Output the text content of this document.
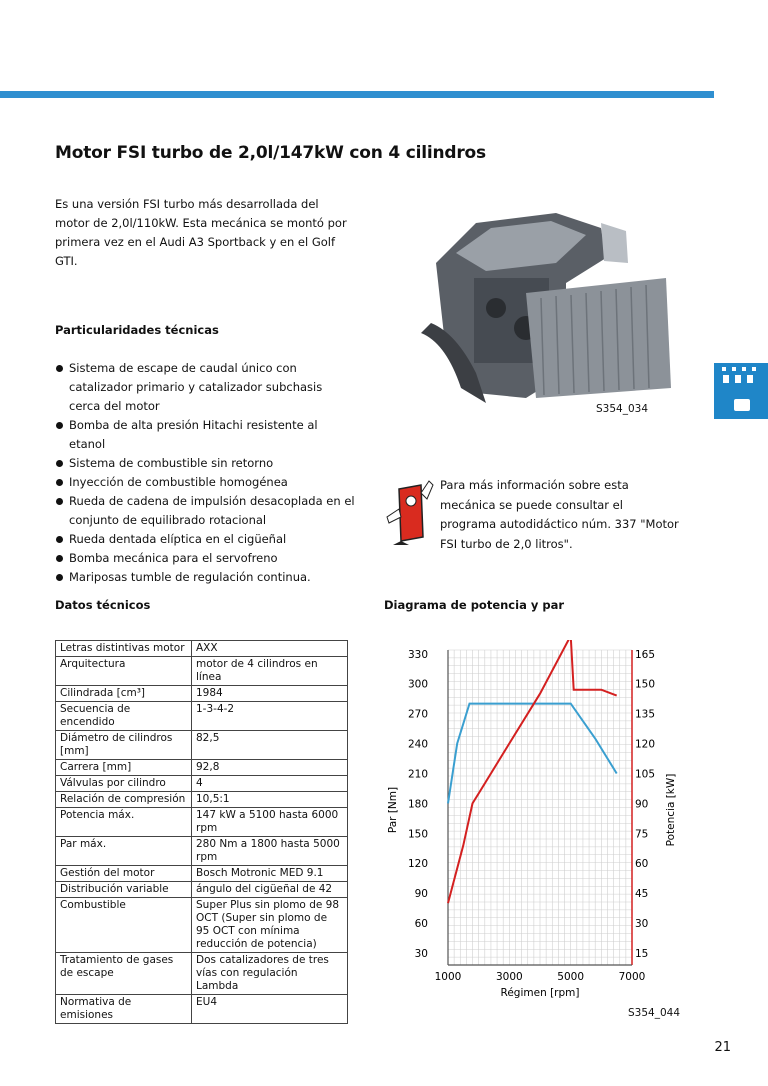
Motor FSI turbo de 2,0l/147kW con 4 cilindros
Es una versión FSI turbo más desarrollada del motor de 2,0l/110kW. Esta mecánica se montó por primera vez en el Audi A3 Sportback y en el Golf GTI.
Particularidades técnicas
Sistema de escape de caudal único con catalizador primario y catalizador subchasis cerca del motor
Bomba de alta presión Hitachi resistente al etanol
Sistema de combustible sin retorno
Inyección de combustible homogénea
Rueda de cadena de impulsión desacoplada en el conjunto de equilibrado rotacional
Rueda dentada elíptica en el cigüeñal
Bomba mecánica para el servofreno
Mariposas tumble de regulación continua.
S354_034
Para más información sobre esta mecánica se puede consultar el programa autodidáctico núm. 337 "Motor FSI turbo de 2,0 litros".
Datos técnicos
Letras distintivas motor	AXX
Arquitectura	motor de 4 cilindros en línea
Cilindrada [cm³]	1984
Secuencia de encendido	1-3-4-2
Diámetro de cilindros [mm]	82,5
Carrera [mm]	92,8
Válvulas por cilindro	4
Relación de compresión	10,5:1
Potencia máx.	147 kW a 5100 hasta 6000 rpm
Par máx.	280 Nm a 1800 hasta 5000 rpm
Gestión del motor	Bosch Motronic MED 9.1
Distribución variable	ángulo del cigüeñal de 42
Combustible	Super Plus sin plomo de 98 OCT (Super sin plomo de 95 OCT con mínima reducción de potencia)
Tratamiento de gases de escape	Dos catalizadores de tres vías con regulación Lambda
Normativa de emisiones	EU4
Diagrama de potencia y par
30
60
90
120
150
180
210
240
270
300
330
15
30
45
60
75
90
105
120
135
150
165
1000	3000	5000	7000
Régimen [rpm]
Par [Nm]	Potencia [kW]
S354_044
21
